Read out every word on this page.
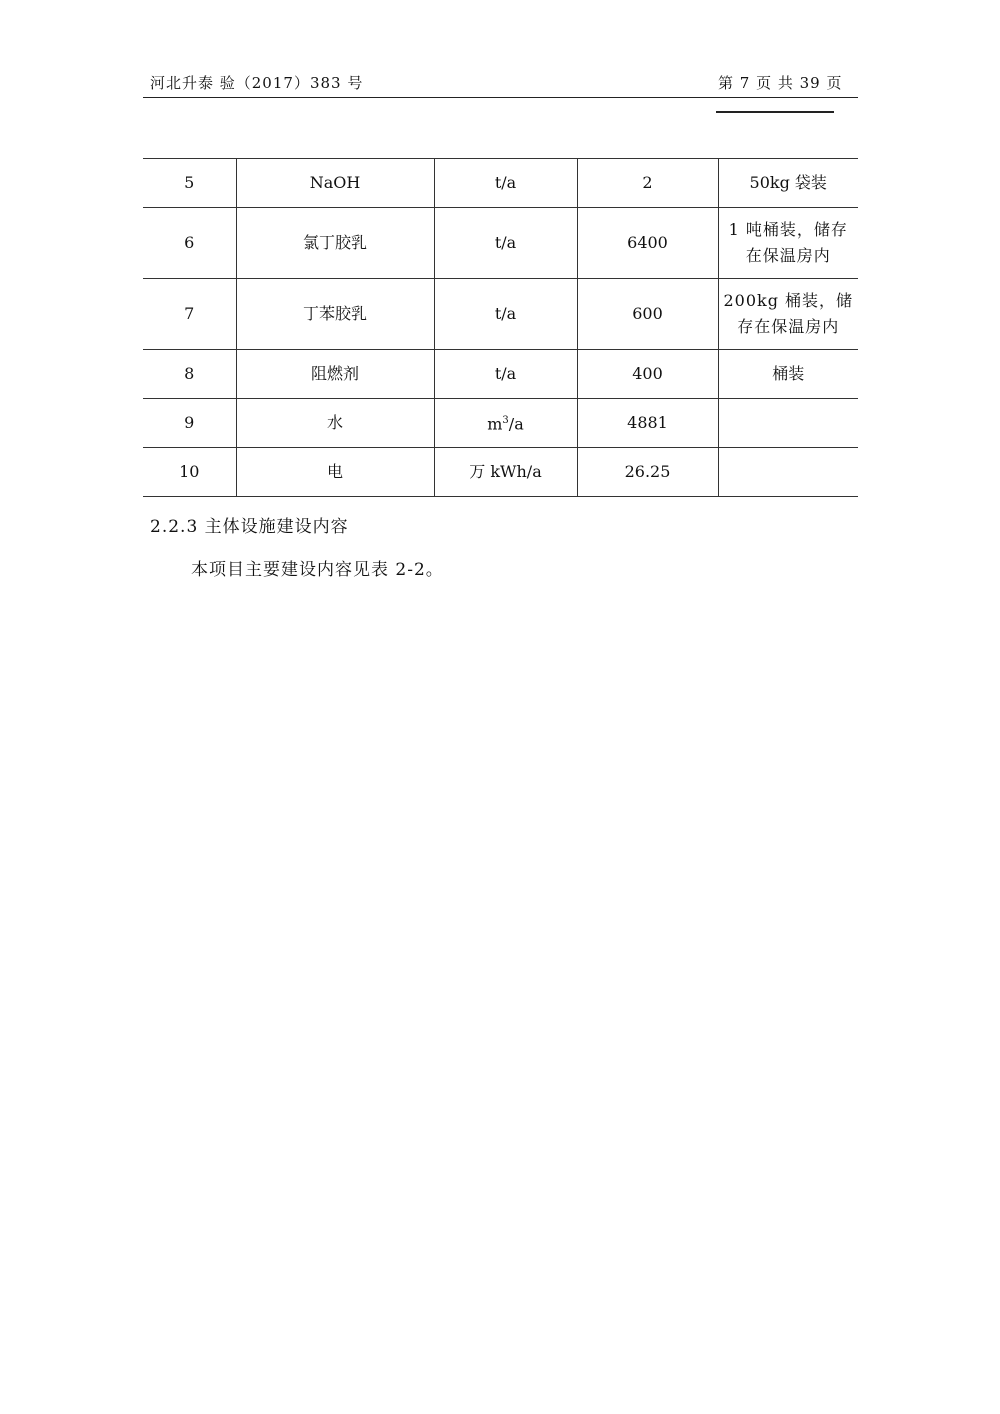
河北升泰 验（2017）383 号	第 7 页 共 39 页
5	NaOH	t/a	2	50kg 袋装
6	氯丁胶乳	t/a	6400	1 吨桶装，储存在保温房内
7	丁苯胶乳	t/a	600	200kg 桶装，储存在保温房内
8	阻燃剂	t/a	400	桶装
9	水	$m^3/a$	4881	
10	电	万 kWh/a	26.25	
2.2.3 主体设施建设内容
本项目主要建设内容见表 2-2。
